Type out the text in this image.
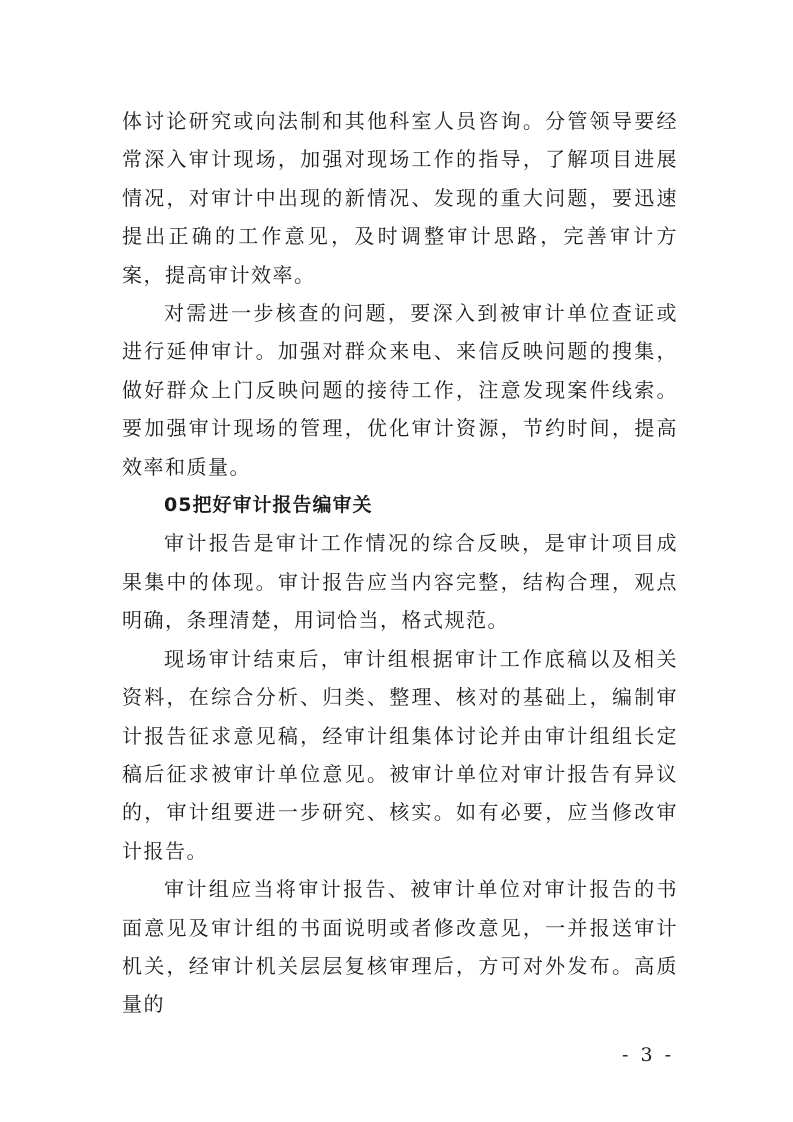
体讨论研究或向法制和其他科室人员咨询。分管领导要经常深入审计现场，加强对现场工作的指导，了解项目进展情况，对审计中出现的新情况、发现的重大问题，要迅速提出正确的工作意见，及时调整审计思路，完善审计方案，提高审计效率。

对需进一步核查的问题，要深入到被审计单位查证或进行延伸审计。加强对群众来电、来信反映问题的搜集，做好群众上门反映问题的接待工作，注意发现案件线索。要加强审计现场的管理，优化审计资源，节约时间，提高效率和质量。

05把好审计报告编审关

审计报告是审计工作情况的综合反映，是审计项目成果集中的体现。审计报告应当内容完整，结构合理，观点明确，条理清楚，用词恰当，格式规范。

现场审计结束后，审计组根据审计工作底稿以及相关资料，在综合分析、归类、整理、核对的基础上，编制审计报告征求意见稿，经审计组集体讨论并由审计组组长定稿后征求被审计单位意见。被审计单位对审计报告有异议的，审计组要进一步研究、核实。如有必要，应当修改审计报告。

审计组应当将审计报告、被审计单位对审计报告的书面意见及审计组的书面说明或者修改意见，一并报送审计机关，经审计机关层层复核审理后，方可对外发布。高质量的

- 3 -
